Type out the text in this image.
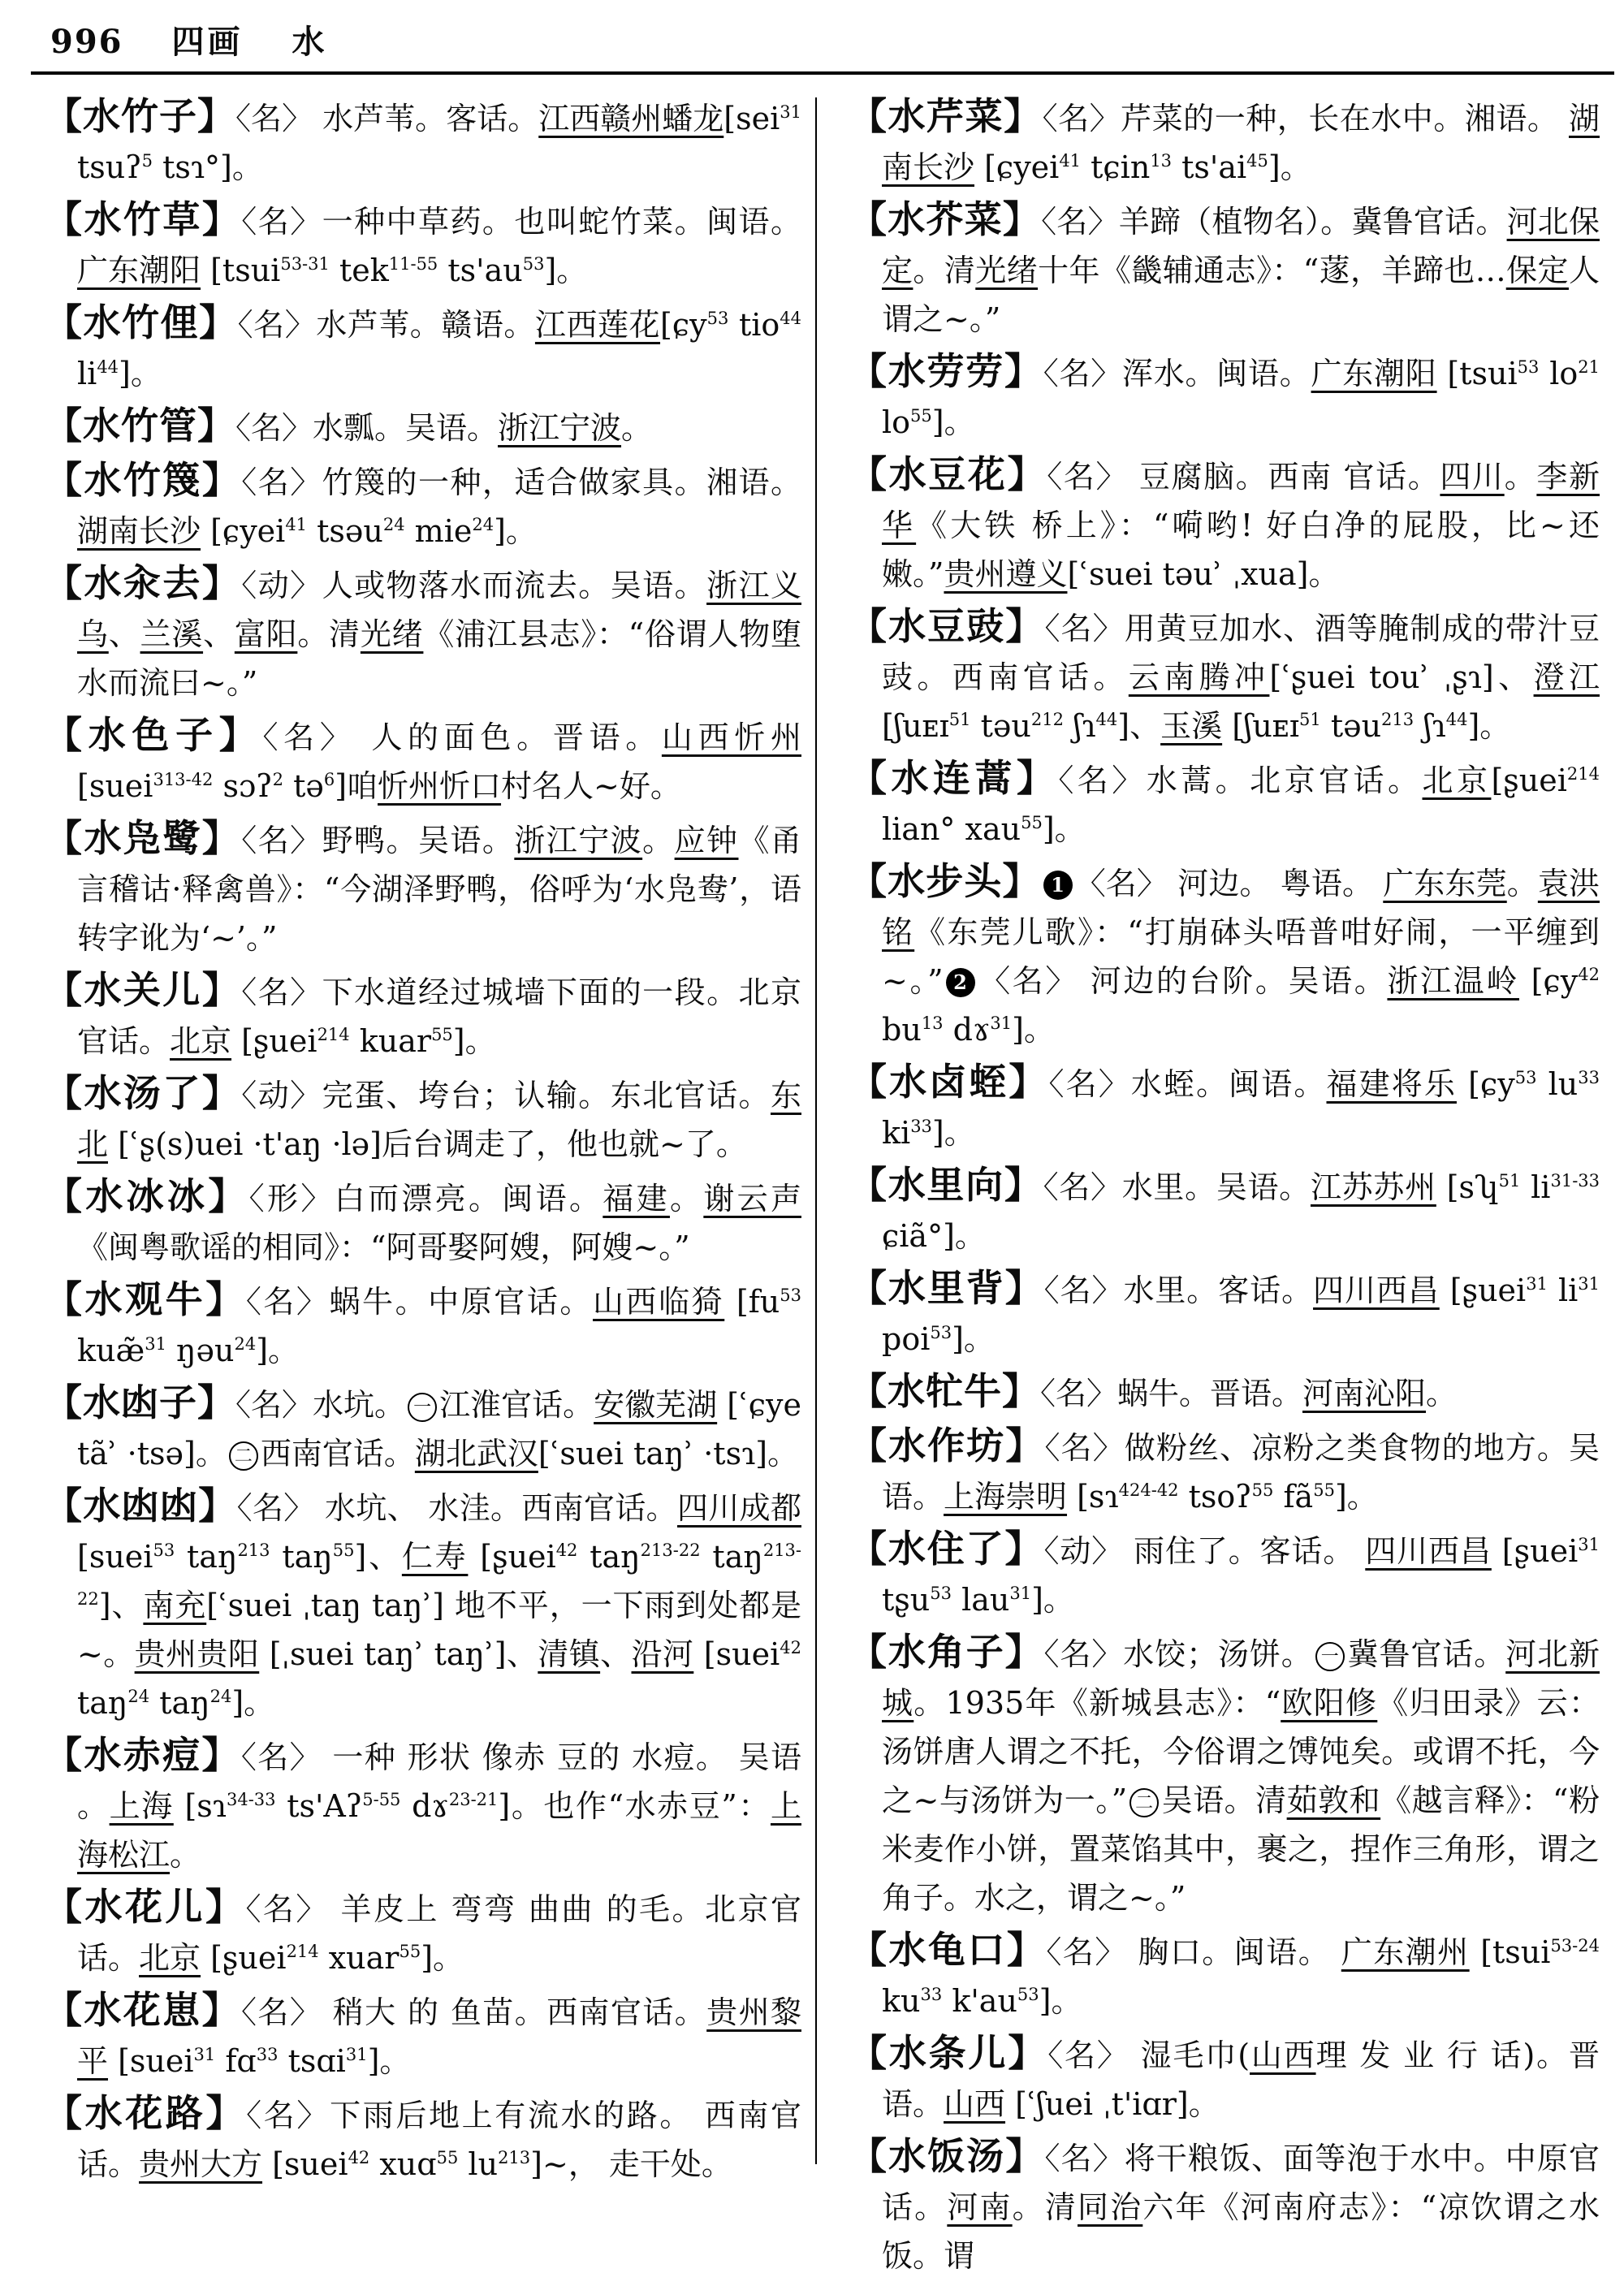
996 四画 水
【水竹子】〈名〉 水芦苇。客话。江西赣州蟠龙[sei$^{31}$ tsuʔ$^5$ tsɿ°]。
【水竹草】〈名〉一种中草药。也叫蛇竹菜。闽语。广东潮阳 [tsui$^{53-31}$ tek$^{11-55}$ $ts'au^{53}$]。
【水竹俚】〈名〉水芦苇。赣语。江西莲花[ɕy$^{53}$ tio$^{44}$ $li^{44}$]。
【水竹管】〈名〉水瓢。吴语。浙江宁波。
【水竹篾】〈名〉竹篾的一种，适合做家具。湘语。湖南长沙 [ɕyei$^{41}$ tsəu$^{24}$ mie$^{24}$]。
【水汆去】〈动〉人或物落水而流去。吴语。浙江义乌、兰溪、富阳。清光绪《浦江县志》：“俗谓人物堕水而流曰~。”
【水色子】〈名〉 人的面色。晋语。山西忻州[suei$^{313-42}$ sɔʔ$^2$ tə$^6$]咱忻州忻口村名人~好。
【水凫鹭】〈名〉野鸭。吴语。浙江宁波。应钟《甬言稽诂·释禽兽》：“今湖泽野鸭，俗呼为‘水凫鸯’，语转字讹为‘~’。”
【水关儿】〈名〉下水道经过城墙下面的一段。北京官话。北京 [ʂuei$^{214}$ kuar$^{55}$]。
【水汤了】〈动〉完蛋、垮台；认输。东北官话。东北 [ʿʂ(s)uei ·t'aŋ ·lə]后台调走了，他也就~了。
【水冰冰】〈形〉白而漂亮。闽语。福建。谢云声《闽粤歌谣的相同》：“阿哥娶阿嫂，阿嫂~。”
【水观牛】〈名〉蜗牛。中原官话。山西临猗 [$fu^{53}$ kuæ̃$^{31}$ ŋəu$^{24}$]。
【水凼子】〈名〉水坑。 一 江淮官话。安徽芜湖 [ʿɕye tãʾ ·tsə]。 二 西南官话。湖北武汉[ʿsuei taŋʾ ·tsɿ]。
【水凼凼】〈名〉 水坑、 水洼。西南官话。四川成都 [suei$^{53}$ taŋ$^{213}$ taŋ$^{55}$]、仁寿 [ʂuei$^{42}$ taŋ$^{213-22}$ taŋ$^{213-22}$]、南充[ʿsuei ˌtaŋ taŋʾ] 地不平，一下雨到处都是~。贵州贵阳 [ˌsuei taŋʾ taŋʾ]、清镇、沿河 [suei$^{42}$ taŋ$^{24}$ taŋ$^{24}$]。
【水赤痘】〈名〉 一种 形状 像赤 豆的 水痘。 吴语 。上海 [sɿ$^{34-33}$ ts'Aʔ$^{5-55}$ dɤ$^{23-21}$]。也作“水赤豆”：上海松江。
【水花儿】〈名〉 羊皮上 弯弯 曲曲 的毛。北京官话。北京 [ʂuei$^{214}$ xuar$^{55}$]。
【水花崽】〈名〉 稍大 的 鱼苗。西南官话。贵州黎平 [suei$^{31}$ fɑ$^{33}$ tsɑi$^{31}$]。
【水花路】〈名〉下雨后地上有流水的路。 西南官话。贵州大方 [suei$^{42}$ xuɑ$^{55}$ $lu^{213}]\sim$， 走干处。
【水芹菜】〈名〉芹菜的一种，长在水中。湘语。 湖南长沙 [ɕyei$^{41}$ tɕin$^{13}$ $ts'ai^{45}$]。
【水芥菜】〈名〉羊蹄（植物名）。冀鲁官话。河北保定。清光绪十年《畿辅通志》：“蓫，羊蹄也…保定人谓之~。”
【水劳劳】〈名〉浑水。闽语。广东潮阳 [tsui$^{53}$ $lo^{21}$ $lo^{55}$]。
【水豆花】〈名〉 豆腐脑。西南 官话。四川。李新华《大铁 桥上》：“嗬哟! 好白净的屁股，比~还嫩。”贵州遵义[ʿsuei təuʾ ˌxua]。
【水豆豉】〈名〉用黄豆加水、酒等腌制成的带汁豆豉。西南官话。云南腾冲[ʿʂuei touʾ ˌʂɿ]、澄江[ʃuᴇɪ$^{51}$ təu$^{212}$ ʃɿ$^{44}$]、玉溪 [ʃuᴇɪ$^{51}$ təu$^{213}$ ʃɿ$^{44}$]。
【水连蒿】〈名〉水蒿。北京官话。北京[ʂuei$^{214}$ lian° xau$^{55}$]。
【水步头】 1 〈名〉 河边。 粤语。 广东东莞。袁洪铭《东莞儿歌》：“打崩砵头唔普咁好闹，一平缠到~。” 2 〈名〉 河边的台阶。吴语。浙江温岭 [ɕy$^{42}$ $bu^{13}$ dɤ$^{31}$]。
【水卤蛭】〈名〉水蛭。闽语。福建将乐 [ɕy$^{53}$ $lu^{33}$ $ki^{33}$]。
【水里向】〈名〉水里。吴语。江苏苏州 [sʮ$^{51}$ $li^{31-33}$ ɕiã°]。
【水里背】〈名〉水里。客话。四川西昌 [ʂuei$^{31}$ $li^{31}$ poi$^{53}$]。
【水牤牛】〈名〉蜗牛。晋语。河南沁阳。
【水作坊】〈名〉做粉丝、凉粉之类食物的地方。吴语。上海崇明 [sɿ$^{424-42}$ tsoʔ$^{55}$ $fã^{55}$]。
【水住了】〈动〉 雨住了。客话。 四川西昌 [ʂuei$^{31}$ tʂu$^{53}$ lau$^{31}$]。
【水角子】〈名〉水饺；汤饼。 一 冀鲁官话。河北新城。1935年《新城县志》：“欧阳修《归田录》云：汤饼唐人谓之不托，今俗谓之馎饨矣。或谓不托，今之~与汤饼为一。” 二 吴语。清茹敦和《越言释》：“粉米麦作小饼，置菜馅其中，裹之，捏作三角形，谓之角子。水之，谓之~。”
【水龟口】〈名〉 胸口。闽语。 广东潮州 [tsui$^{53-24}$ $ku^{33}$ $k'au^{53}$]。
【水条儿】〈名〉 湿毛巾(山西理 发 业 行 话)。晋语。山西 [ʿʃuei ˌt'iɑr]。
【水饭汤】〈名〉将干粮饭、面等泡于水中。中原官话。河南。清同治六年《河南府志》：“凉饮谓之水饭。谓
